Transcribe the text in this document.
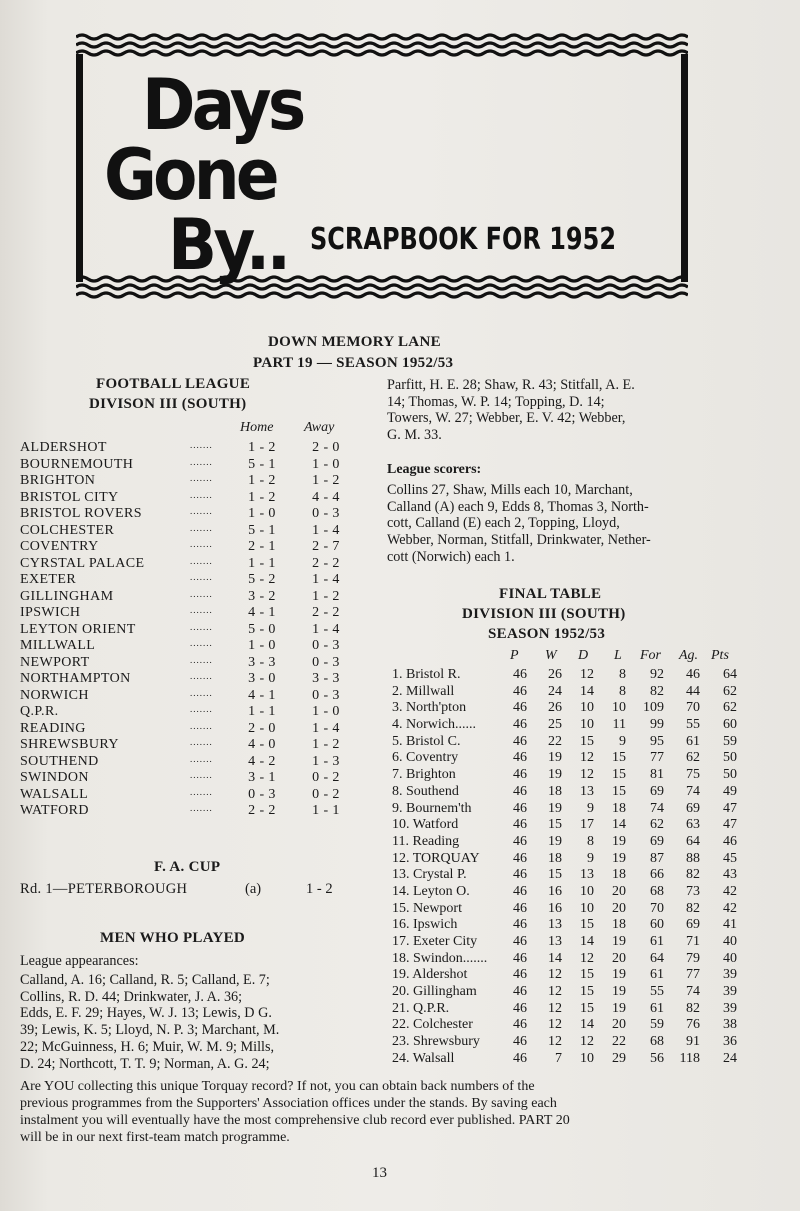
Days
Gone
By.. SCRAPBOOK FOR 1952
DOWN MEMORY LANE
PART 19 — SEASON 1952/53
FOOTBALL LEAGUE
DIVISON III (SOUTH)
Home Away
ALDERSHOT	.......	1 - 2	2 - 0
BOURNEMOUTH	.......	5 - 1	1 - 0
BRIGHTON	.......	1 - 2	1 - 2
BRISTOL CITY	.......	1 - 2	4 - 4
BRISTOL ROVERS	.......	1 - 0	0 - 3
COLCHESTER	.......	5 - 1	1 - 4
COVENTRY	.......	2 - 1	2 - 7
CYRSTAL PALACE	.......	1 - 1	2 - 2
EXETER	.......	5 - 2	1 - 4
GILLINGHAM	.......	3 - 2	1 - 2
IPSWICH	.......	4 - 1	2 - 2
LEYTON ORIENT	.......	5 - 0	1 - 4
MILLWALL	.......	1 - 0	0 - 3
NEWPORT	.......	3 - 3	0 - 3
NORTHAMPTON	.......	3 - 0	3 - 3
NORWICH	.......	4 - 1	0 - 3
Q.P.R.	.......	1 - 1	1 - 0
READING	.......	2 - 0	1 - 4
SHREWSBURY	.......	4 - 0	1 - 2
SOUTHEND	.......	4 - 2	1 - 3
SWINDON	.......	3 - 1	0 - 2
WALSALL	.......	0 - 3	0 - 2
WATFORD	.......	2 - 2	1 - 1
F. A. CUP
Rd. 1—PETERBOROUGH	(a)	1 - 2
MEN WHO PLAYED
League appearances:
Calland, A. 16; Calland, R. 5; Calland, E. 7;
Collins, R. D. 44; Drinkwater, J. A. 36;
Edds, E. F. 29; Hayes, W. J. 13; Lewis, D G.
39; Lewis, K. 5; Lloyd, N. P. 3; Marchant, M.
22; McGuinness, H. 6; Muir, W. M. 9; Mills,
D. 24; Northcott, T. T. 9; Norman, A. G. 24;
Parfitt, H. E. 28; Shaw, R. 43; Stitfall, A. E.
14; Thomas, W. P. 14; Topping, D. 14;
Towers, W. 27; Webber, E. V. 42; Webber,
G. M. 33.
League scorers:
Collins 27, Shaw, Mills each 10, Marchant,
Calland (A) each 9, Edds 8, Thomas 3, North-
cott, Calland (E) each 2, Topping, Lloyd,
Webber, Norman, Stitfall, Drinkwater, Nether-
cott (Norwich) each 1.
FINAL TABLE
DIVISION III (SOUTH)
SEASON 1952/53
P W D L For Ag. Pts
1. Bristol R.	46	26	12	8	92	46	64
2. Millwall	46	24	14	8	82	44	62
3. North'pton	46	26	10	10	109	70	62
4. Norwich......	46	25	10	11	99	55	60
5. Bristol C.	46	22	15	9	95	61	59
6. Coventry	46	19	12	15	77	62	50
7. Brighton	46	19	12	15	81	75	50
8. Southend	46	18	13	15	69	74	49
9. Bournem'th	46	19	9	18	74	69	47
10. Watford	46	15	17	14	62	63	47
11. Reading	46	19	8	19	69	64	46
12. TORQUAY	46	18	9	19	87	88	45
13. Crystal P.	46	15	13	18	66	82	43
14. Leyton O.	46	16	10	20	68	73	42
15. Newport	46	16	10	20	70	82	42
16. Ipswich	46	13	15	18	60	69	41
17. Exeter City	46	13	14	19	61	71	40
18. Swindon.......	46	14	12	20	64	79	40
19. Aldershot	46	12	15	19	61	77	39
20. Gillingham	46	12	15	19	55	74	39
21. Q.P.R.	46	12	15	19	61	82	39
22. Colchester	46	12	14	20	59	76	38
23. Shrewsbury	46	12	12	22	68	91	36
24. Walsall	46	7	10	29	56	118	24
Are YOU collecting this unique Torquay record? If not, you can obtain back numbers of the
previous programmes from the Supporters' Association offices under the stands. By saving each
instalment you will eventually have the most comprehensive club record ever published. PART 20
will be in our next first-team match programme.
13
